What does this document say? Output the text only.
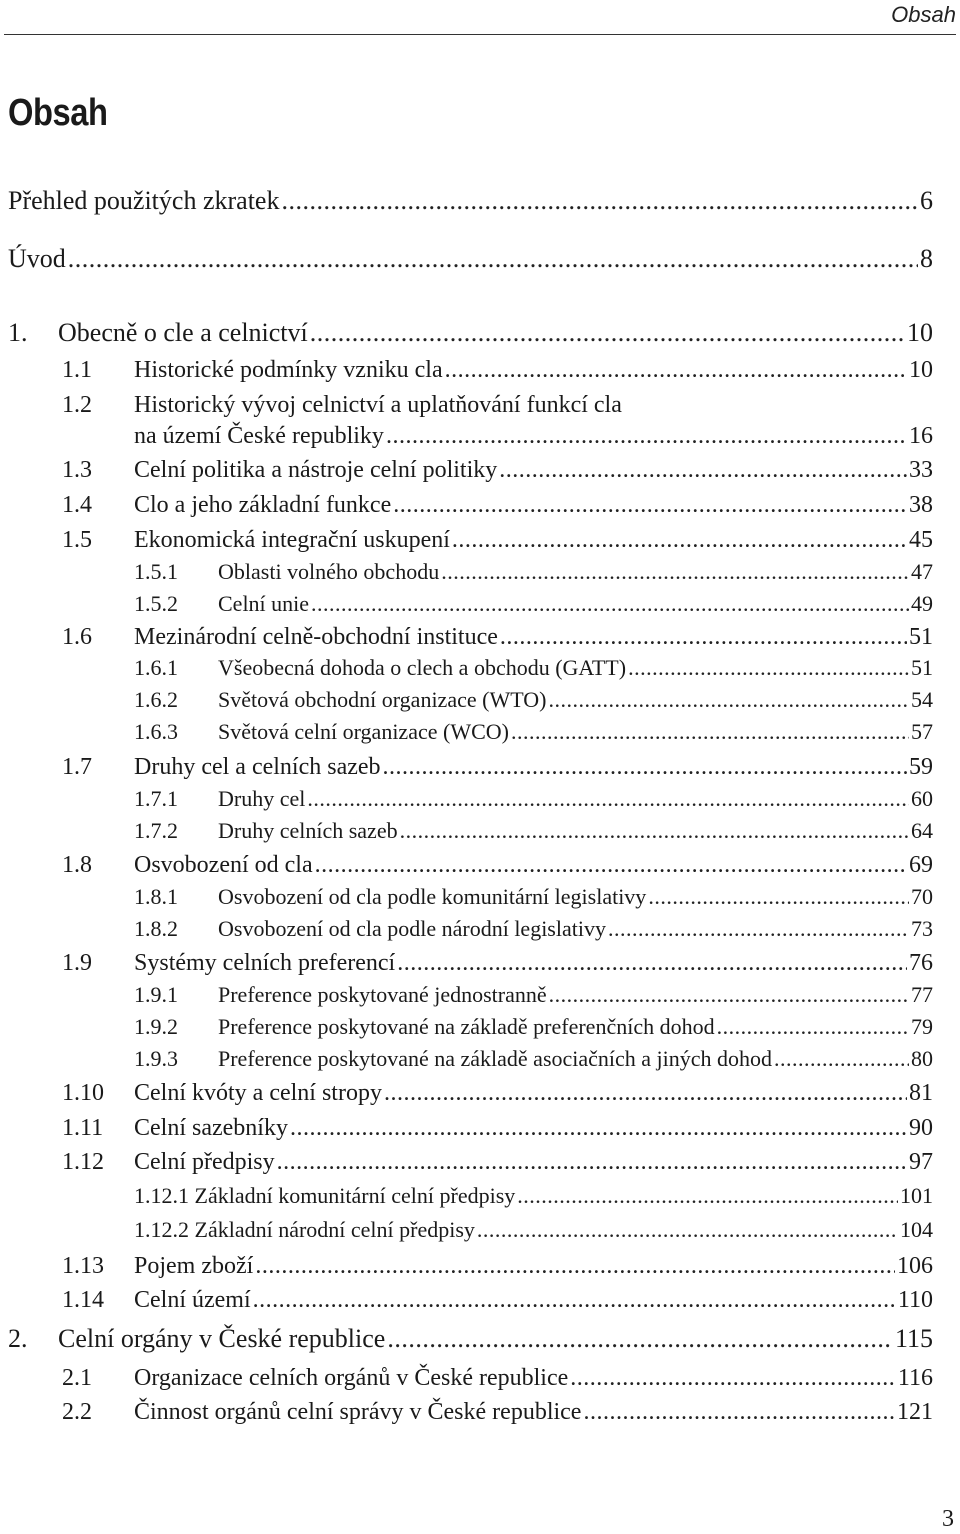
Obsah
Obsah
Přehled použitých zkratek .....	6
Úvod .....	8
1. Obecně o cle a celnictví .....	10
1.1 Historické podmínky vzniku cla .....	10
1.2 Historický vývoj celnictví a uplatňování funkcí cla
na území České republiky .....	16
1.3 Celní politika a nástroje celní politiky .....	33
1.4 Clo a jeho základní funkce .....	38
1.5 Ekonomická integrační uskupení .....	45
1.5.1 Oblasti volného obchodu .....	47
1.5.2 Celní unie .....	49
1.6 Mezinárodní celně-obchodní instituce .....	51
1.6.1 Všeobecná dohoda o clech a obchodu (GATT) .....	51
1.6.2 Světová obchodní organizace (WTO) .....	54
1.6.3 Světová celní organizace (WCO) .....	57
1.7 Druhy cel a celních sazeb .....	59
1.7.1 Druhy cel .....	60
1.7.2 Druhy celních sazeb .....	64
1.8 Osvobození od cla .....	69
1.8.1 Osvobození od cla podle komunitární legislativy .....	70
1.8.2 Osvobození od cla podle národní legislativy .....	73
1.9 Systémy celních preferencí .....	76
1.9.1 Preference poskytované jednostranně .....	77
1.9.2 Preference poskytované na základě preferenčních dohod .....	79
1.9.3 Preference poskytované na základě asociačních a jiných dohod .....	80
1.10 Celní kvóty a celní stropy .....	81
1.11 Celní sazebníky .....	90
1.12 Celní předpisy .....	97
1.12.1 Základní komunitární celní předpisy .....	101
1.12.2 Základní národní celní předpisy .....	104
1.13 Pojem zboží .....	106
1.14 Celní území .....	110
2. Celní orgány v České republice .....	115
2.1 Organizace celních orgánů v České republice .....	116
2.2 Činnost orgánů celní správy v České republice .....	121
3
